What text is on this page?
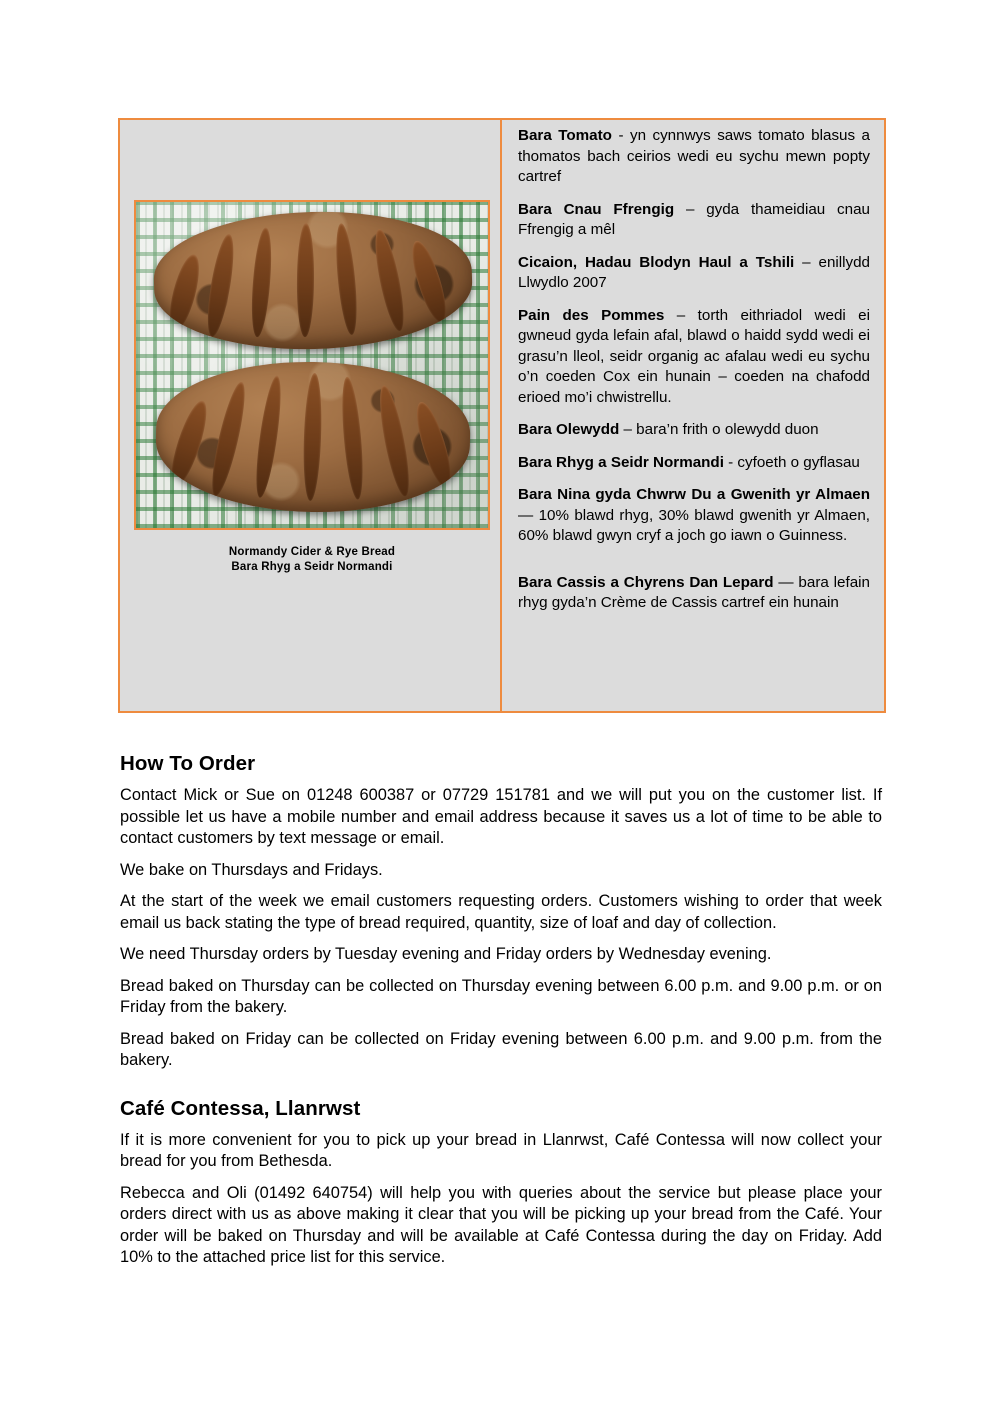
Normandy Cider & Rye Bread
Bara Rhyg a Seidr Normandi

Bara Tomato - yn cynnwys saws tomato blasus a thomatos bach ceirios wedi eu sychu mewn popty cartref

Bara Cnau Ffrengig – gyda thameidiau cnau Ffrengig a mêl

Cicaion, Hadau Blodyn Haul a Tshili – enillydd Llwydlo 2007

Pain des Pommes – torth eithriadol wedi ei gwneud gyda lefain afal, blawd o haidd sydd wedi ei grasu’n lleol, seidr organig ac afalau wedi eu sychu o’n coeden Cox ein hunain – coeden na chafodd erioed mo’i chwistrellu.

Bara Olewydd – bara’n frith o olewydd duon

Bara Rhyg a Seidr Normandi - cyfoeth o gyflasau

Bara Nina gyda Chwrw Du a Gwenith yr Almaen — 10% blawd rhyg, 30% blawd gwenith yr Almaen, 60% blawd gwyn cryf a joch go iawn o Guinness.

Bara Cassis a Chyrens Dan Lepard — bara lefain rhyg gyda’n Crème de Cassis cartref ein hunain

How To Order

Contact Mick or Sue on 01248 600387 or 07729 151781 and we will put you on the customer list. If possible let us have a mobile number and email address because it saves us a lot of time to be able to contact customers by text message or email.

We bake on Thursdays and Fridays.

At the start of the week we email customers requesting orders. Customers wishing to order that week email us back stating the type of bread required, quantity, size of loaf and day of collection.

We need Thursday orders by Tuesday evening and Friday orders by Wednesday evening.

Bread baked on Thursday can be collected on Thursday evening between 6.00 p.m. and 9.00 p.m. or on Friday from the bakery.

Bread baked on Friday can be collected on Friday evening between 6.00 p.m. and 9.00 p.m. from the bakery.

Café Contessa, Llanrwst

If it is more convenient for you to pick up your bread in Llanrwst, Café Contessa will now collect your bread for you from Bethesda.

Rebecca and Oli (01492 640754) will help you with queries about the service but please place your orders direct with us as above making it clear that you will be picking up your bread from the Café. Your order will be baked on Thursday and will be available at Café Contessa during the day on Friday. Add 10% to the attached price list for this service.
